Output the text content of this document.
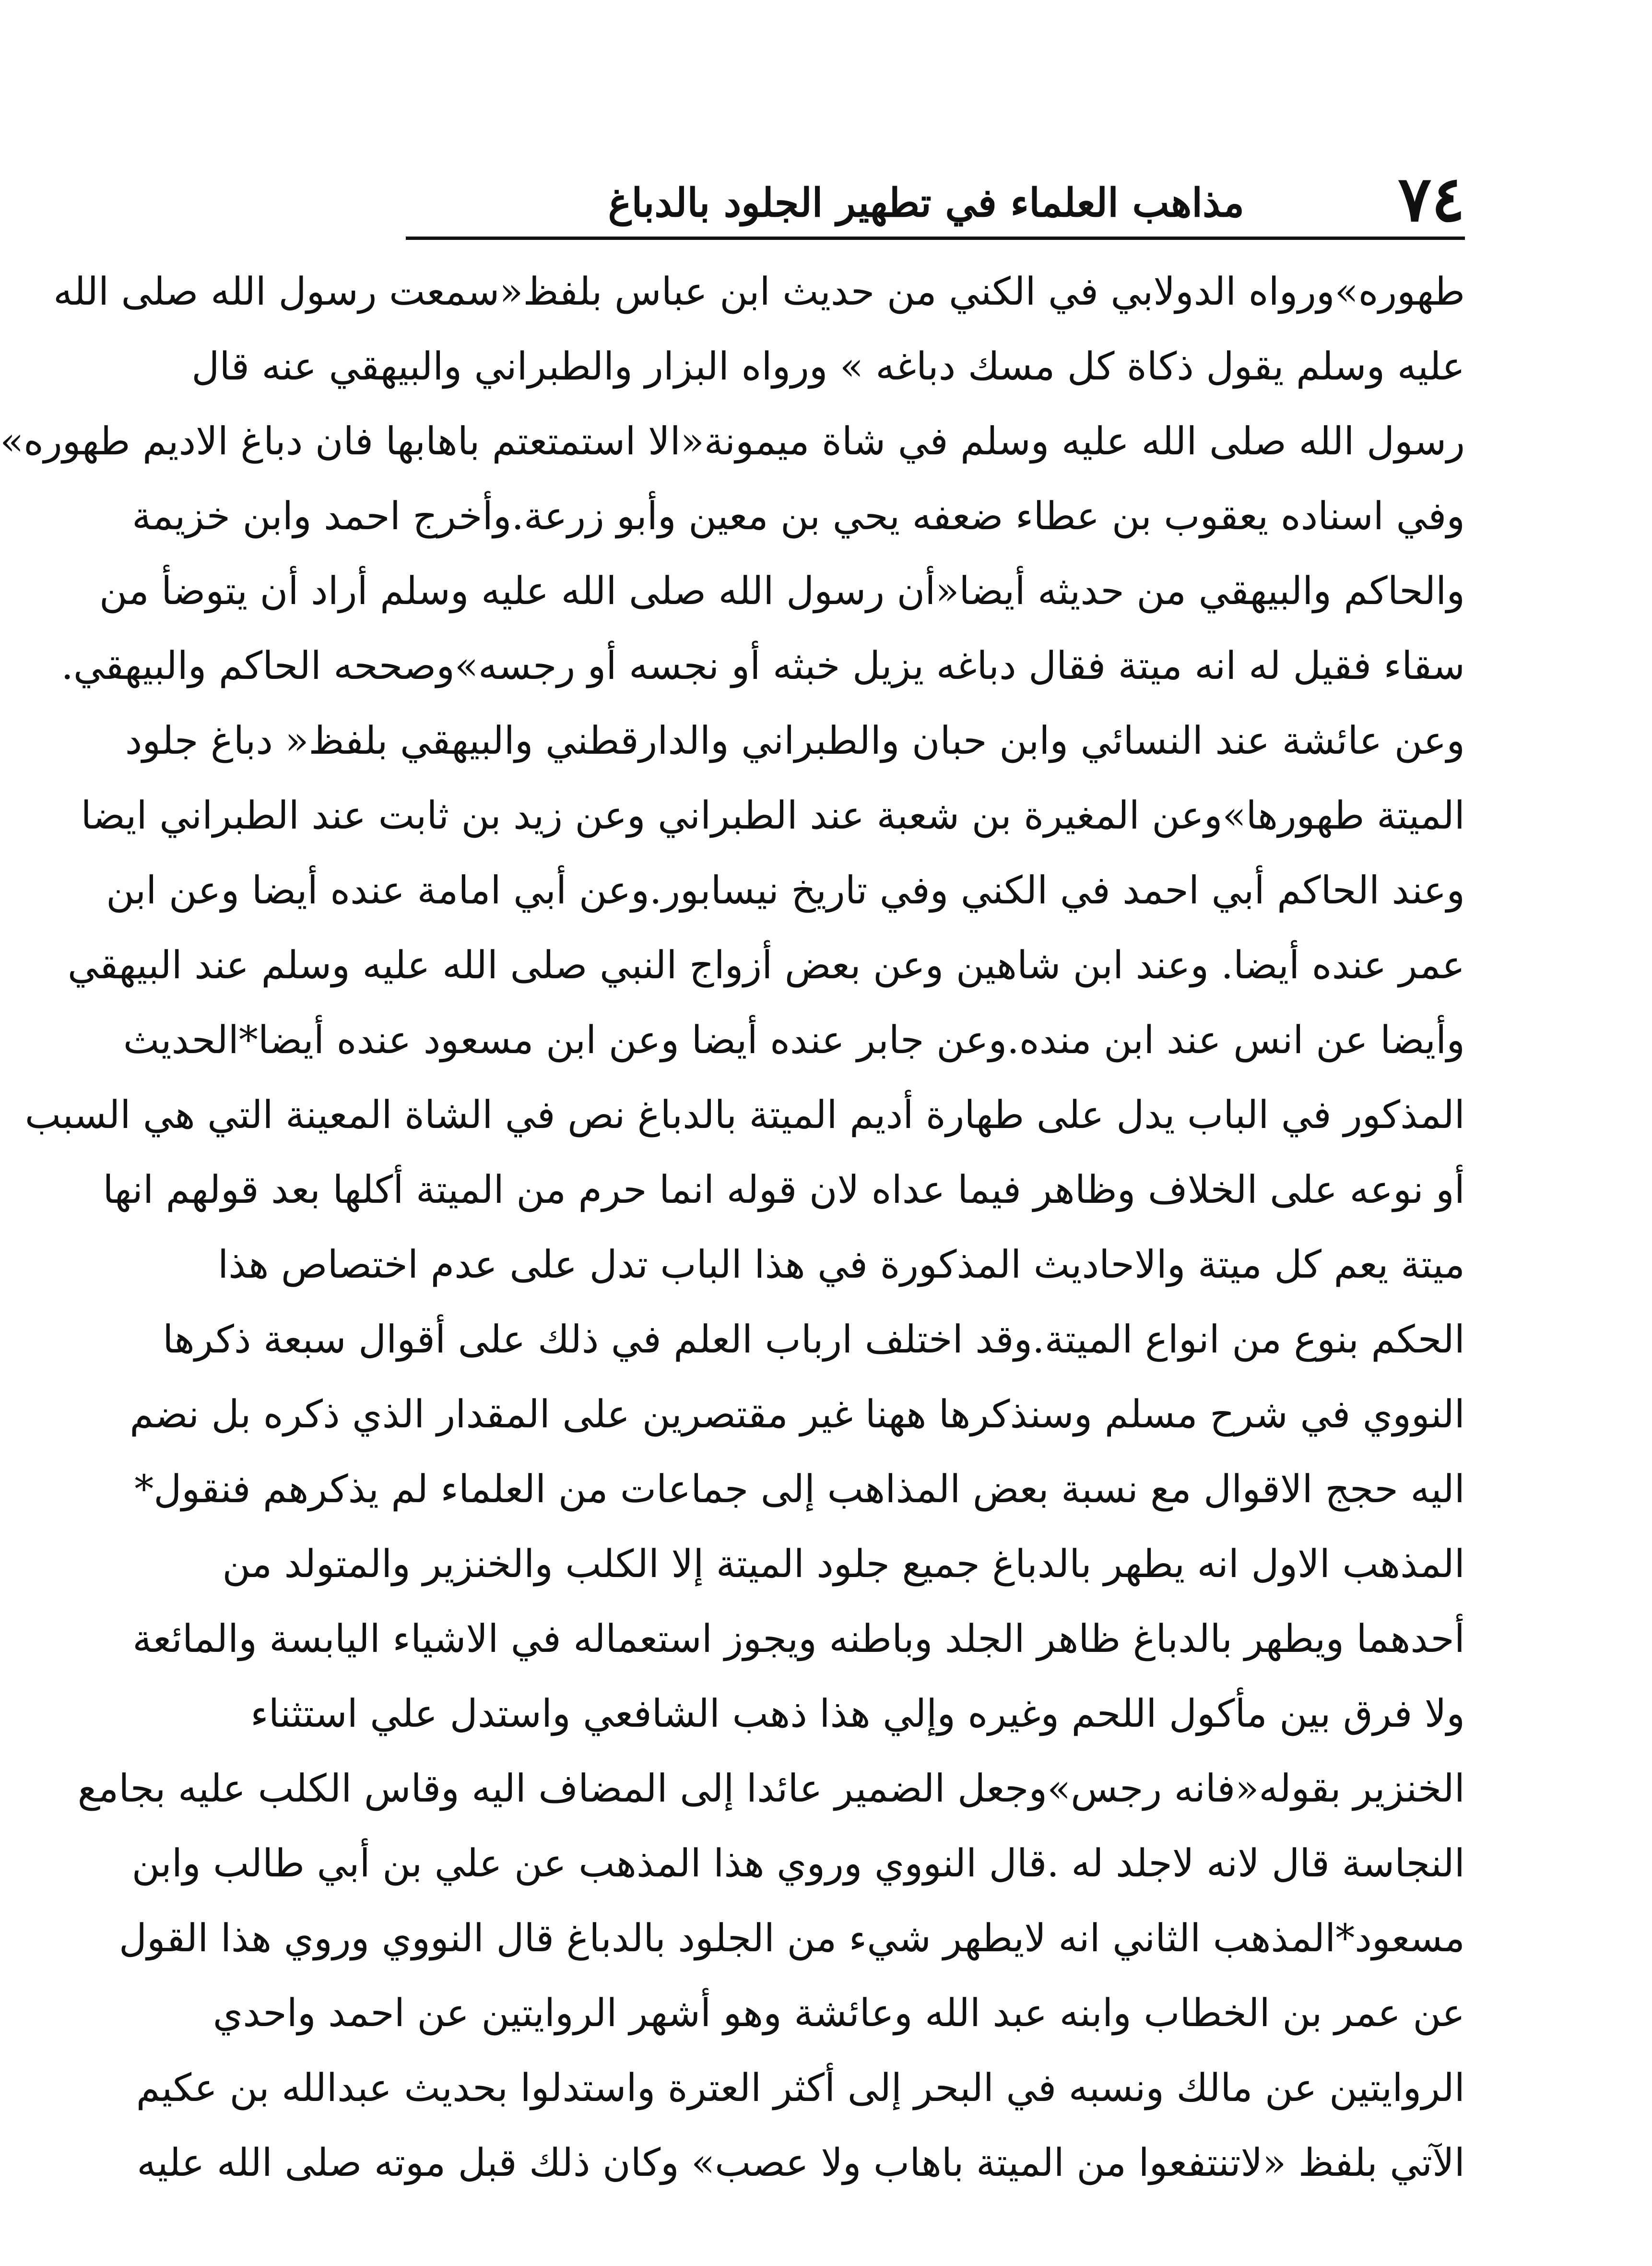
٧٤
مذاهب العلماء في تطهير الجلود بالدباغ
طهوره»ورواه الدولابي في الكني من حديث ابن عباس بلفظ«سمعت رسول الله صلى الله
عليه وسلم يقول ذكاة كل مسك دباغه » ورواه البزار والطبراني والبيهقي عنه قال
رسول الله صلى الله عليه وسلم في شاة ميمونة«الا استمتعتم باهابها فان دباغ الاديم طهوره»
وفي اسناده يعقوب بن عطاء ضعفه يحي بن معين وأبو زرعة.وأخرج احمد وابن خزيمة
والحاكم والبيهقي من حديثه أيضا«أن رسول الله صلى الله عليه وسلم أراد أن يتوضأ من
سقاء فقيل له انه ميتة فقال دباغه يزيل خبثه أو نجسه أو رجسه»وصححه الحاكم والبيهقي.
وعن عائشة عند النسائي وابن حبان والطبراني والدارقطني والبيهقي بلفظ« دباغ جلود
الميتة طهورها»وعن المغيرة بن شعبة عند الطبراني وعن زيد بن ثابت عند الطبراني ايضا
وعند الحاكم أبي احمد في الكني وفي تاريخ نيسابور.وعن أبي امامة عنده أيضا وعن ابن
عمر عنده أيضا. وعند ابن شاهين وعن بعض أزواج النبي صلى الله عليه وسلم عند البيهقي
وأيضا عن انس عند ابن منده.وعن جابر عنده أيضا وعن ابن مسعود عنده أيضا*الحديث
المذكور في الباب يدل على طهارة أديم الميتة بالدباغ نص في الشاة المعينة التي هي السبب
أو نوعه على الخلاف وظاهر فيما عداه لان قوله انما حرم من الميتة أكلها بعد قولهم انها
ميتة يعم كل ميتة والاحاديث المذكورة في هذا الباب تدل على عدم اختصاص هذا
الحكم بنوع من انواع الميتة.وقد اختلف ارباب العلم في ذلك على أقوال سبعة ذكرها
النووي في شرح مسلم وسنذكرها ههنا غير مقتصرين على المقدار الذي ذكره بل نضم
اليه حجج الاقوال مع نسبة بعض المذاهب إلى جماعات من العلماء لم يذكرهم فنقول*
المذهب الاول انه يطهر بالدباغ جميع جلود الميتة إلا الكلب والخنزير والمتولد من
أحدهما ويطهر بالدباغ ظاهر الجلد وباطنه ويجوز استعماله في الاشياء اليابسة والمائعة
ولا فرق بين مأكول اللحم وغيره وإلي هذا ذهب الشافعي واستدل علي استثناء
الخنزير بقوله«فانه رجس»وجعل الضمير عائدا إلى المضاف اليه وقاس الكلب عليه بجامع
النجاسة قال لانه لاجلد له .قال النووي وروي هذا المذهب عن علي بن أبي طالب وابن
مسعود*المذهب الثاني انه لايطهر شيء من الجلود بالدباغ قال النووي وروي هذا القول
عن عمر بن الخطاب وابنه عبد الله وعائشة وهو أشهر الروايتين عن احمد واحدي
الروايتين عن مالك ونسبه في البحر إلى أكثر العترة واستدلوا بحديث عبدالله بن عكيم
الآتي بلفظ «لاتنتفعوا من الميتة باهاب ولا عصب» وكان ذلك قبل موته صلى الله عليه
